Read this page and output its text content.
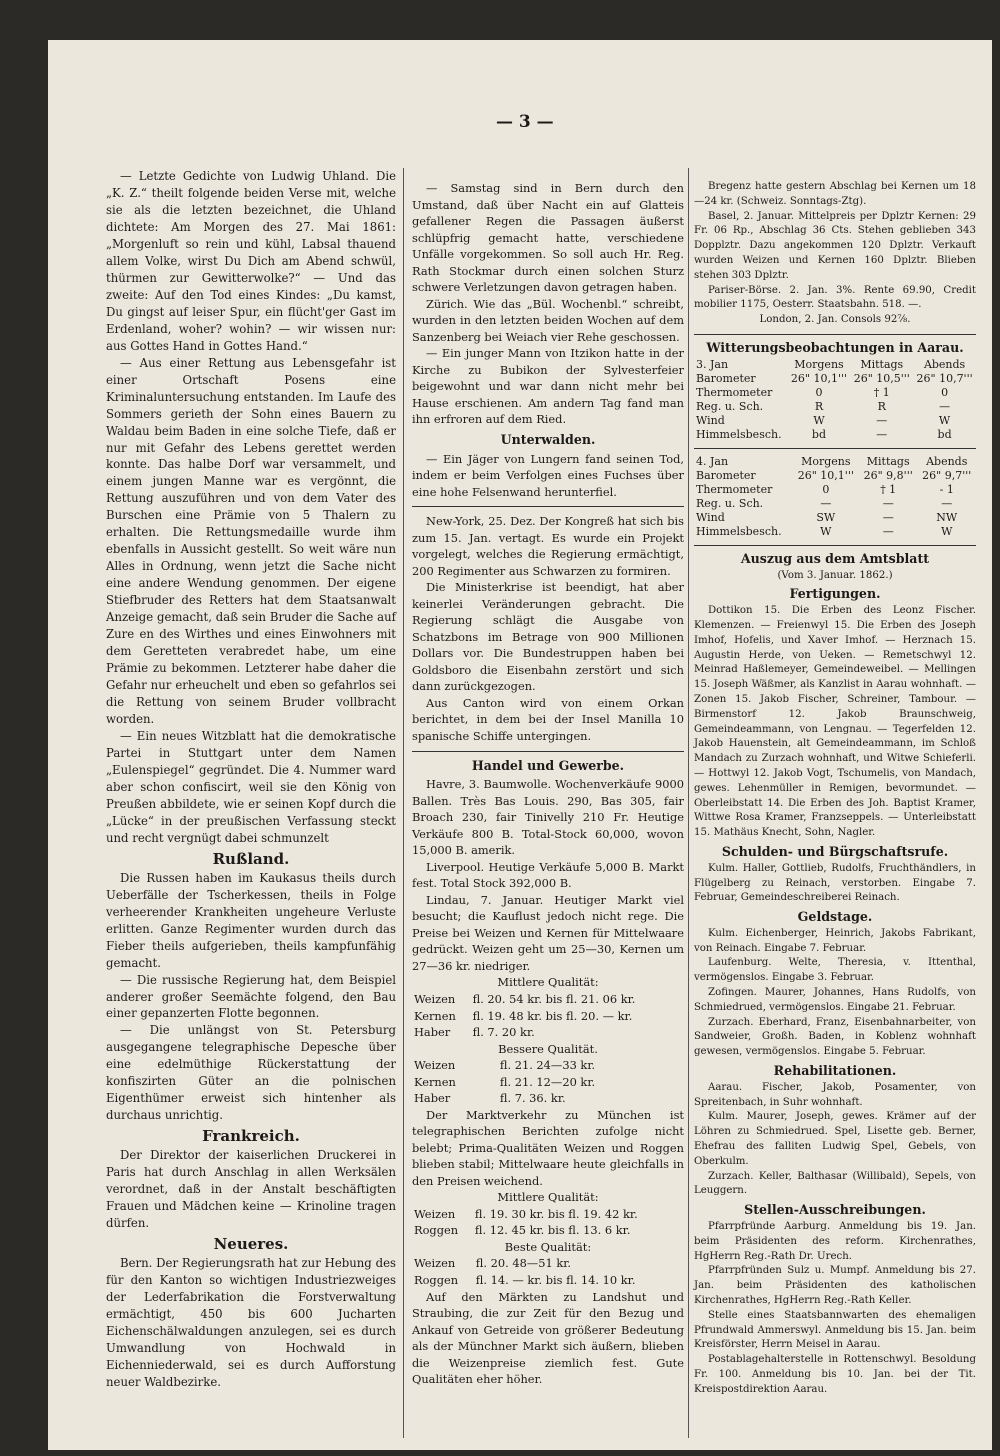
— 3 —

— Letzte Gedichte von Ludwig Uhland. Die „K. Z.“ theilt folgende beiden Verse mit, welche sie als die letzten bezeichnet, die Uhland dichtete: Am Morgen des 27. Mai 1861: „Morgenluft so rein und kühl, Labsal thauend allem Volke, wirst Du Dich am Abend schwül, thürmen zur Gewitterwolke?“ — Und das zweite: Auf den Tod eines Kindes: „Du kamst, Du gingst auf leiser Spur, ein flücht'ger Gast im Erdenland, woher? wohin? — wir wissen nur: aus Gottes Hand in Gottes Hand.“

— Aus einer Rettung aus Lebensgefahr ist einer Ortschaft Posens eine Kriminaluntersuchung entstanden. Im Laufe des Sommers gerieth der Sohn eines Bauern zu Waldau beim Baden in eine solche Tiefe, daß er nur mit Gefahr des Lebens gerettet werden konnte. Das halbe Dorf war versammelt, und einem jungen Manne war es vergönnt, die Rettung auszuführen und von dem Vater des Burschen eine Prämie von 5 Thalern zu erhalten. Die Rettungsmedaille wurde ihm ebenfalls in Aussicht gestellt. So weit wäre nun Alles in Ordnung, wenn jetzt die Sache nicht eine andere Wendung genommen. Der eigene Stiefbruder des Retters hat dem Staatsanwalt Anzeige gemacht, daß sein Bruder die Sache auf Zure en des Wirthes und eines Einwohners mit dem Geretteten verabredet habe, um eine Prämie zu bekommen. Letzterer habe daher die Gefahr nur erheuchelt und eben so gefahrlos sei die Rettung von seinem Bruder vollbracht worden.

— Ein neues Witzblatt hat die demokratische Partei in Stuttgart unter dem Namen „Eulenspiegel“ gegründet. Die 4. Nummer ward aber schon confiscirt, weil sie den König von Preußen abbildete, wie er seinen Kopf durch die „Lücke“ in der preußischen Verfassung steckt und recht vergnügt dabei schmunzelt

Rußland.

Die Russen haben im Kaukasus theils durch Ueberfälle der Tscherkessen, theils in Folge verheerender Krankheiten ungeheure Verluste erlitten. Ganze Regimenter wurden durch das Fieber theils aufgerieben, theils kampfunfähig gemacht.

— Die russische Regierung hat, dem Beispiel anderer großer Seemächte folgend, den Bau einer gepanzerten Flotte begonnen.

— Die unlängst von St. Petersburg ausgegangene telegraphische Depesche über eine edelmüthige Rückerstattung der konfiszirten Güter an die polnischen Eigenthümer erweist sich hintenher als durchaus unrichtig.

Frankreich.

Der Direktor der kaiserlichen Druckerei in Paris hat durch Anschlag in allen Werksälen verordnet, daß in der Anstalt beschäftigten Frauen und Mädchen keine — Krinoline tragen dürfen.

Neueres.

Bern. Der Regierungsrath hat zur Hebung des für den Kanton so wichtigen Industriezweiges der Lederfabrikation die Forstverwaltung ermächtigt, 450 bis 600 Jucharten Eichenschälwaldungen anzulegen, sei es durch Umwandlung von Hochwald in Eichenniederwald, sei es durch Aufforstung neuer Waldbezirke.

— Samstag sind in Bern durch den Umstand, daß über Nacht ein auf Glatteis gefallener Regen die Passagen äußerst schlüpfrig gemacht hatte, verschiedene Unfälle vorgekommen. So soll auch Hr. Reg. Rath Stockmar durch einen solchen Sturz schwere Verletzungen davon getragen haben.

Zürich. Wie das „Bül. Wochenbl.“ schreibt, wurden in den letzten beiden Wochen auf dem Sanzenberg bei Weiach vier Rehe geschossen.

— Ein junger Mann von Itzikon hatte in der Kirche zu Bubikon der Sylvesterfeier beigewohnt und war dann nicht mehr bei Hause erschienen. Am andern Tag fand man ihn erfroren auf dem Ried.

Unterwalden.

— Ein Jäger von Lungern fand seinen Tod, indem er beim Verfolgen eines Fuchses über eine hohe Felsenwand herunterfiel.

New-York, 25. Dez. Der Kongreß hat sich bis zum 15. Jan. vertagt. Es wurde ein Projekt vorgelegt, welches die Regierung ermächtigt, 200 Regimenter aus Schwarzen zu formiren.

Die Ministerkrise ist beendigt, hat aber keinerlei Veränderungen gebracht. Die Regierung schlägt die Ausgabe von Schatzbons im Betrage von 900 Millionen Dollars vor. Die Bundestruppen haben bei Goldsboro die Eisenbahn zerstört und sich dann zurückgezogen.

Aus Canton wird von einem Orkan berichtet, in dem bei der Insel Manilla 10 spanische Schiffe untergingen.

Handel und Gewerbe.

Havre, 3. Baumwolle. Wochenverkäufe 9000 Ballen. Très Bas Louis. 290, Bas 305, fair Broach 230, fair Tinivelly 210 Fr. Heutige Verkäufe 800 B. Total-Stock 60,000, wovon 15,000 B. amerik.

Liverpool. Heutige Verkäufe 5,000 B. Markt fest. Total Stock 392,000 B.

Lindau, 7. Januar. Heutiger Markt viel besucht; die Kauflust jedoch nicht rege. Die Preise bei Weizen und Kernen für Mittelwaare gedrückt. Weizen geht um 25—30, Kernen um 27—36 kr. niedriger.

Mittlere Qualität:

Weizen	fl. 20. 54 kr. bis fl. 21. 06 kr.
Kernen	fl. 19. 48 kr. bis fl. 20. — kr.
Haber	fl. 7. 20 kr.

Bessere Qualität.

Weizen	fl. 21. 24—33 kr.
Kernen	fl. 21. 12—20 kr.
Haber	fl. 7. 36. kr.

Der Marktverkehr zu München ist telegraphischen Berichten zufolge nicht belebt; Prima-Qualitäten Weizen und Roggen blieben stabil; Mittelwaare heute gleichfalls in den Preisen weichend.

Mittlere Qualität:

Weizen	fl. 19. 30 kr. bis fl. 19. 42 kr.
Roggen	fl. 12. 45 kr. bis fl. 13. 6 kr.

Beste Qualität:

Weizen	fl. 20. 48—51 kr.
Roggen	fl. 14. — kr. bis fl. 14. 10 kr.

Auf den Märkten zu Landshut und Straubing, die zur Zeit für den Bezug und Ankauf von Getreide von größerer Bedeutung als der Münchner Markt sich äußern, blieben die Weizenpreise ziemlich fest. Gute Qualitäten eher höher.

Bregenz hatte gestern Abschlag bei Kernen um 18—24 kr. (Schweiz. Sonntags-Ztg).

Basel, 2. Januar. Mittelpreis per Dplztr Kernen: 29 Fr. 06 Rp., Abschlag 36 Cts. Stehen geblieben 343 Dopplztr. Dazu angekommen 120 Dplztr. Verkauft wurden Weizen und Kernen 160 Dplztr. Blieben stehen 303 Dplztr.

Pariser-Börse. 2. Jan. 3%. Rente 69.90, Credit mobilier 1175, Oesterr. Staatsbahn. 518. —.

London, 2. Jan. Consols 92⅞.

Witterungsbeobachtungen in Aarau.
3. Jan	Morgens	Mittags	Abends
Barometer	26" 10,1'''	26" 10,5'''	26" 10,7'''
Thermometer	0	† 1	0
Reg. u. Sch.	R	R	—
Wind	W	—	W
Himmelsbesch.	bd	—	bd
4. Jan	Morgens	Mittags	Abends
Barometer	26" 10,1'''	26" 9,8'''	26" 9,7'''
Thermometer	0	† 1	- 1
Reg. u. Sch.	—	—	—
Wind	SW	—	NW
Himmelsbesch.	W	—	W
Auszug aus dem Amtsblatt

(Vom 3. Januar. 1862.)

Fertigungen.

Dottikon 15. Die Erben des Leonz Fischer. Klemenzen. — Freienwyl 15. Die Erben des Joseph Imhof, Hofelis, und Xaver Imhof. — Herznach 15. Augustin Herde, von Ueken. — Remetschwyl 12. Meinrad Haßlemeyer, Gemeindeweibel. — Mellingen 15. Joseph Wäßmer, als Kanzlist in Aarau wohnhaft. — Zonen 15. Jakob Fischer, Schreiner, Tambour. — Birmenstorf 12. Jakob Braunschweig, Gemeindeammann, von Lengnau. — Tegerfelden 12. Jakob Hauenstein, alt Gemeindeammann, im Schloß Mandach zu Zurzach wohnhaft, und Witwe Schieferli. — Hottwyl 12. Jakob Vogt, Tschumelis, von Mandach, gewes. Lehenmüller in Remigen, bevormundet. — Oberleibstatt 14. Die Erben des Joh. Baptist Kramer, Wittwe Rosa Kramer, Franzseppels. — Unterleibstatt 15. Mathäus Knecht, Sohn, Nagler.

Schulden- und Bürgschaftsrufe.

Kulm. Haller, Gottlieb, Rudolfs, Fruchthändlers, in Flügelberg zu Reinach, verstorben. Eingabe 7. Februar, Gemeindeschreiberei Reinach.

Geldstage.

Kulm. Eichenberger, Heinrich, Jakobs Fabrikant, von Reinach. Eingabe 7. Februar.

Laufenburg. Welte, Theresia, v. Ittenthal, vermögenslos. Eingabe 3. Februar.

Zofingen. Maurer, Johannes, Hans Rudolfs, von Schmiedrued, vermögenslos. Eingabe 21. Februar.

Zurzach. Eberhard, Franz, Eisenbahnarbeiter, von Sandweier, Großh. Baden, in Koblenz wohnhaft gewesen, vermögenslos. Eingabe 5. Februar.

Rehabilitationen.

Aarau. Fischer, Jakob, Posamenter, von Spreitenbach, in Suhr wohnhaft.

Kulm. Maurer, Joseph, gewes. Krämer auf der Löhren zu Schmiedrued. Spel, Lisette geb. Berner, Ehefrau des falliten Ludwig Spel, Gebels, von Oberkulm.

Zurzach. Keller, Balthasar (Willibald), Sepels, von Leuggern.

Stellen-Ausschreibungen.

Pfarrpfründe Aarburg. Anmeldung bis 19. Jan. beim Präsidenten des reform. Kirchenrathes, HgHerrn Reg.-Rath Dr. Urech.

Pfarrpfründen Sulz u. Mumpf. Anmeldung bis 27. Jan. beim Präsidenten des katholischen Kirchenrathes, HgHerrn Reg.-Rath Keller.

Stelle eines Staatsbannwarten des ehemaligen Pfrundwald Ammerswyl. Anmeldung bis 15. Jan. beim Kreisförster, Herrn Meisel in Aarau.

Postablagehalterstelle in Rottenschwyl. Besoldung Fr. 100. Anmeldung bis 10. Jan. bei der Tit. Kreispostdirektion Aarau.
